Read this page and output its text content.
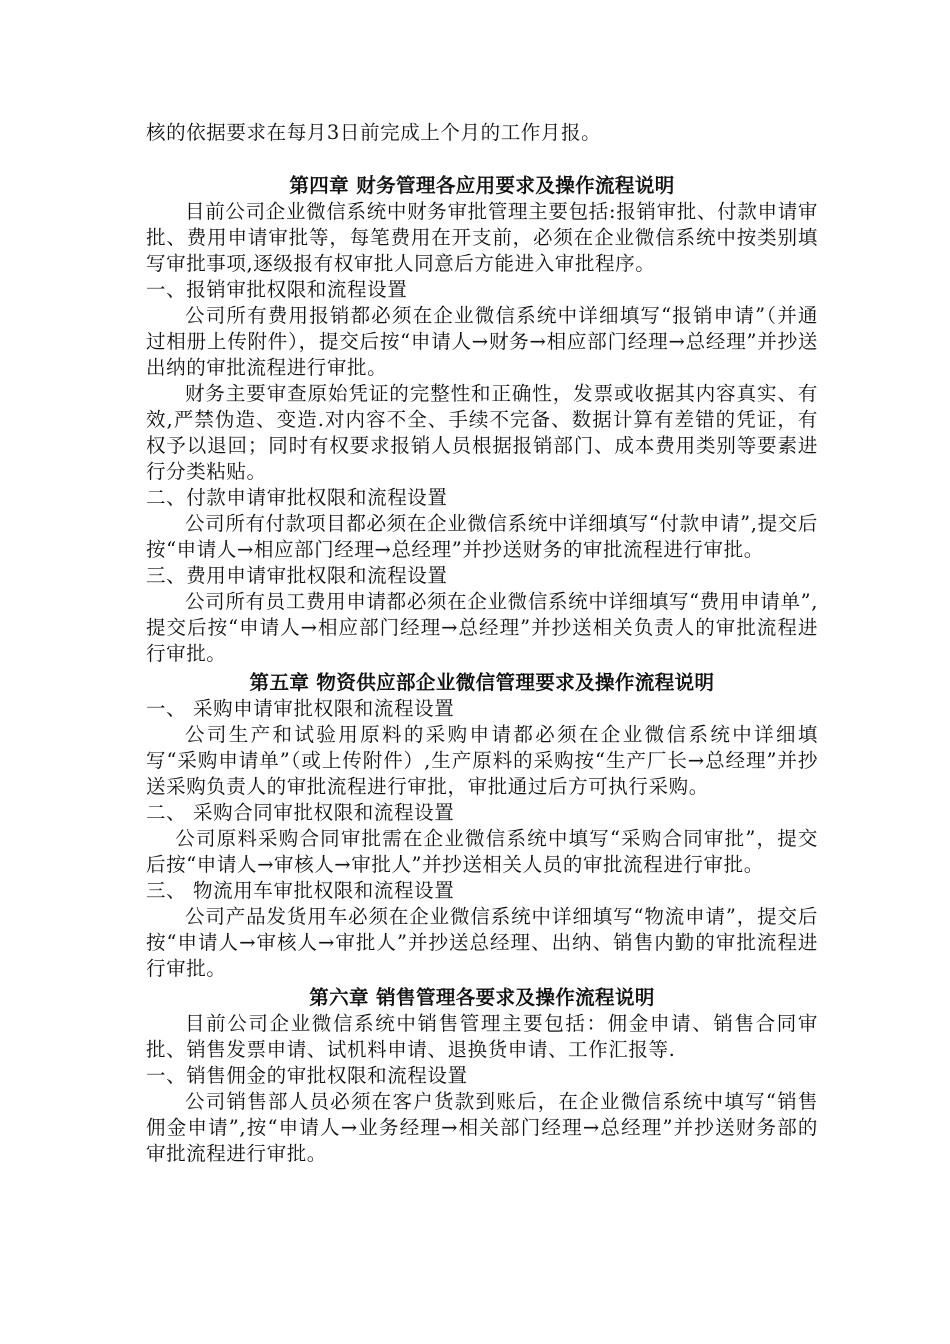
核的依据要求在每月3日前完成上个月的工作月报。

第四章 财务管理各应用要求及操作流程说明

目前公司企业微信系统中财务审批管理主要包括:报销审批、付款申请审批、费用申请审批等，每笔费用在开支前，必须在企业微信系统中按类别填写审批事项,逐级报有权审批人同意后方能进入审批程序。

一、报销审批权限和流程设置

公司所有费用报销都必须在企业微信系统中详细填写“报销申请”（并通过相册上传附件），提交后按“申请人→财务→相应部门经理→总经理”并抄送出纳的审批流程进行审批。

财务主要审查原始凭证的完整性和正确性，发票或收据其内容真实、有效,严禁伪造、变造.对内容不全、手续不完备、数据计算有差错的凭证，有权予以退回；同时有权要求报销人员根据报销部门、成本费用类别等要素进行分类粘贴。

二、付款申请审批权限和流程设置

公司所有付款项目都必须在企业微信系统中详细填写“付款申请”,提交后按“申请人→相应部门经理→总经理”并抄送财务的审批流程进行审批。

三、费用申请审批权限和流程设置

公司所有员工费用申请都必须在企业微信系统中详细填写“费用申请单”,提交后按“申请人→相应部门经理→总经理”并抄送相关负责人的审批流程进行审批。

第五章 物资供应部企业微信管理要求及操作流程说明

一、 采购申请审批权限和流程设置

公司生产和试验用原料的采购申请都必须在企业微信系统中详细填写“采购申请单”（或上传附件）,生产原料的采购按“生产厂长→总经理”并抄送采购负责人的审批流程进行审批，审批通过后方可执行采购。

二、 采购合同审批权限和流程设置

公司原料采购合同审批需在企业微信系统中填写“采购合同审批”，提交后按“申请人→审核人→审批人”并抄送相关人员的审批流程进行审批。

三、 物流用车审批权限和流程设置

公司产品发货用车必须在企业微信系统中详细填写“物流申请”，提交后按“申请人→审核人→审批人”并抄送总经理、出纳、销售内勤的审批流程进行审批。

第六章 销售管理各要求及操作流程说明

目前公司企业微信系统中销售管理主要包括：佣金申请、销售合同审批、销售发票申请、试机料申请、退换货申请、工作汇报等.

一、销售佣金的审批权限和流程设置

公司销售部人员必须在客户货款到账后，在企业微信系统中填写“销售佣金申请”,按“申请人→业务经理→相关部门经理→总经理”并抄送财务部的审批流程进行审批。
